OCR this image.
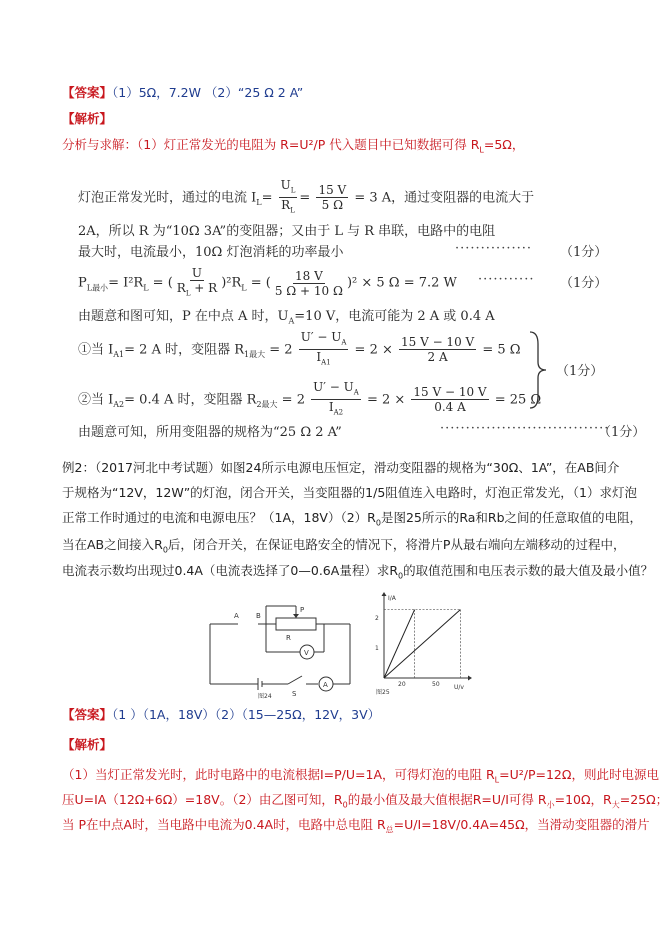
【答案】（1）5Ω，7.2W （2）“25 Ω 2 A”
【解析】
分析与求解：（1）灯正常发光的电阻为 R=U²/P 代入题目中已知数据可得 $R_L=5\Omega$，
灯泡正常发光时，通过的电流 $I_L= \frac{U_L}{R_L} = \frac{15 V}{5 \Omega} = 3$ A，通过变阻器的电流大于
2A，所以 R 为“10Ω 3A”的变阻器；又由于 L 与 R 串联，电路中的电阻
最大时，电流最小，10Ω 灯泡消耗的功率最小	··············· （1分）
$P_{L最小}= I^2R_L$ = ( $\frac{U}{R_L + R} )^2R_L$ = ( $\frac{18 V}{5 \Omega + 10 \Omega} )^2 \times 5$ Ω = 7.2 W ··········· （1分）
由题意和图可知，P 在中点 A 时，$U_A=10$ V，电流可能为 2 A 或 0.4 A
①当 $I_{A1}= 2$ A 时，变阻器 $R_{1最大} = 2 \frac{U' - U_A}{I_{A1}} = 2 \times \frac{15 V - 10 V}{2 A} = 5$ Ω
②当 $I_{A2}= 0.4$ A 时，变阻器 $R_{2最大} = 2 \frac{U' - U_A}{I_{A2}} = 2 \times \frac{15 V - 10 V}{0.4 A} = 25$ Ω
（1分）
由题意可知，所用变阻器的规格为“25 Ω 2 A”	·································
（1分）
例2：（2017河北中考试题）如图24所示电源电压恒定，滑动变阻器的规格为“30Ω、1A”，在AB间介
于规格为“12V，12W”的灯泡，闭合开关，当变阻器的1/5阻值连入电路时，灯泡正常发光，（1）求灯泡
正常工作时通过的电流和电源电压？（1A，$18V)(2)R_0$是图25所示的Ra和Rb之间的任意取值的电阻，
当在AB之间接入$R_0$后，闭合开关，在保证电路安全的情况下，将滑片P从最右端向左端移动的过程中，
电流表示数均出现过0.4A（电流表选择了0—0.6A量程）求$R_0$的取值范围和电压表示数的最大值及最小值？
A B
P
R
V
S
A
图24
I/A
U/v
2
1
20	50
图25
【答案】（1 ）（1A，18V）（2）（15—25Ω，12V，3V）
【解析】
（1）当灯正常发光时，此时电路中的电流根据I=P/U=1A，可得灯泡的电阻 $R_L=U^2/P=12\Omega$，则此时电源电
压U=IA（12Ω+6Ω）=18V。（2）由乙图可知，$R_0$的最小值及最大值根据R=U/I可得 $R_小=10\Omega$，$R_大=25\Omega$；
当 P在中点A时，当电路中电流为0.4A时，电路中总电阻 $R_总=U/I=18V/0.4A=45\Omega$，当滑动变阻器的滑片
